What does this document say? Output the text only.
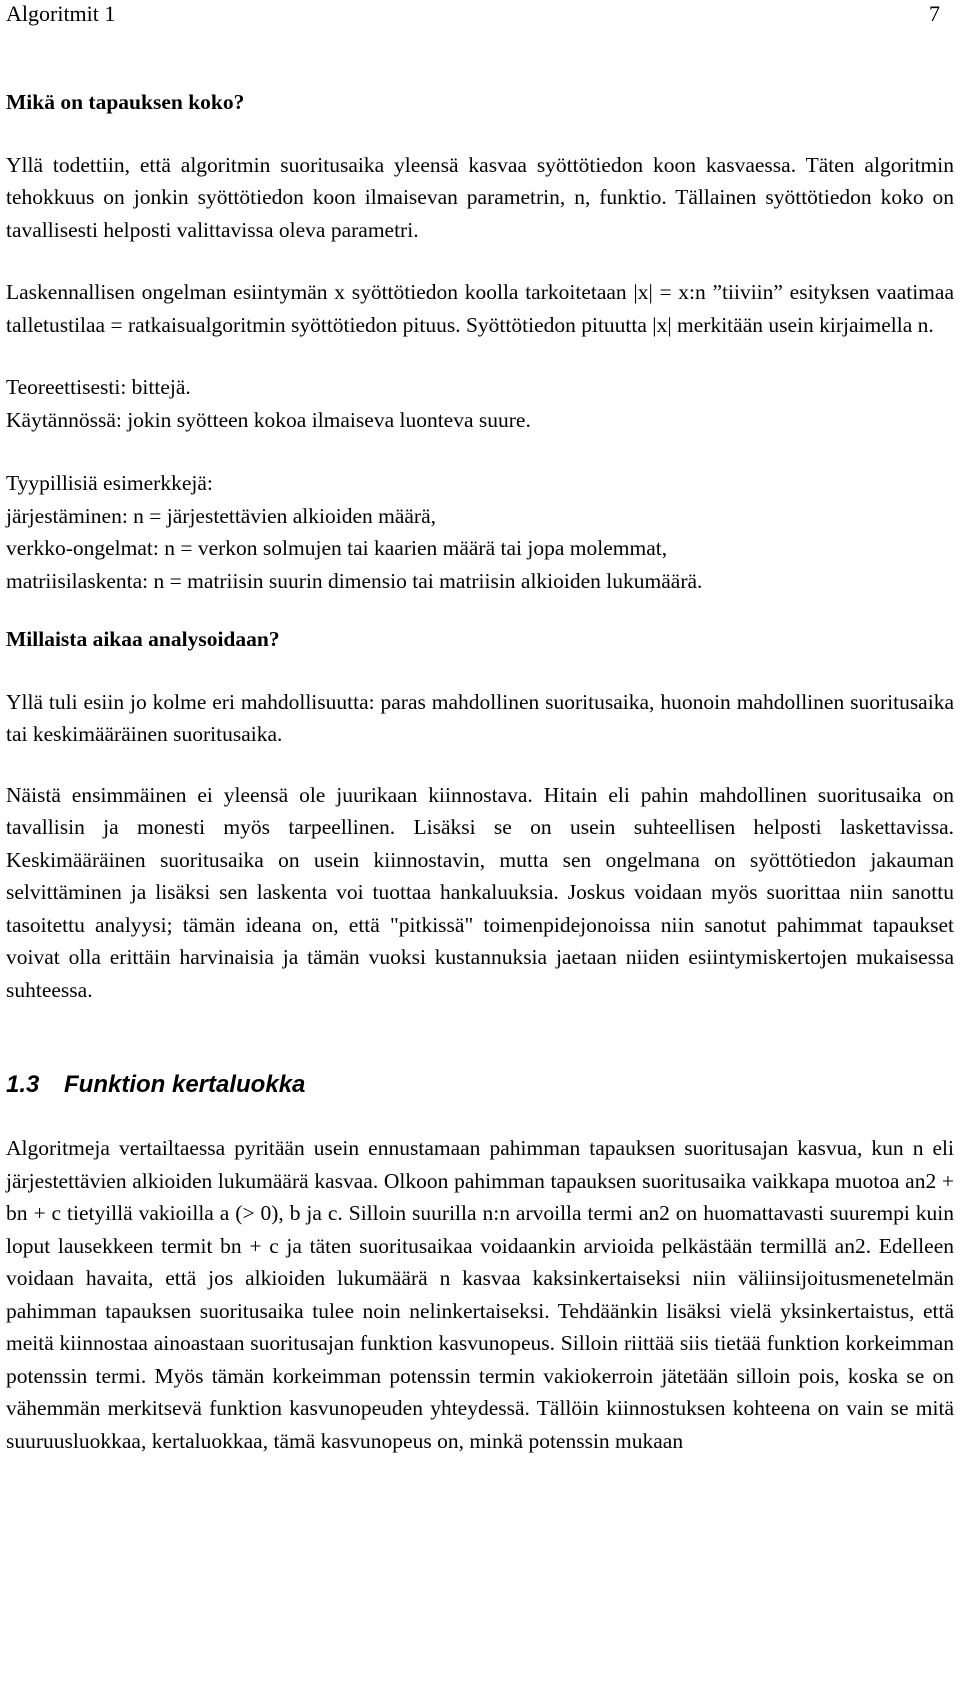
Algoritmit 1	7

Mikä on tapauksen koko?

Yllä todettiin, että algoritmin suoritusaika yleensä kasvaa syöttötiedon koon kasvaessa. Täten algoritmin tehokkuus on jonkin syöttötiedon koon ilmaisevan parametrin, n, funktio. Tällainen syöttötiedon koko on tavallisesti helposti valittavissa oleva parametri.

Laskennallisen ongelman esiintymän x syöttötiedon koolla tarkoitetaan |x| = x:n ”tiiviin” esityksen vaatimaa talletustilaa = ratkaisualgoritmin syöttötiedon pituus. Syöttötiedon pituutta |x| merkitään usein kirjaimella n.

Teoreettisesti: bittejä.

Käytännössä: jokin syötteen kokoa ilmaiseva luonteva suure.

Tyypillisiä esimerkkejä:

järjestäminen: n = järjestettävien alkioiden määrä,

verkko-ongelmat: n = verkon solmujen tai kaarien määrä tai jopa molemmat,

matriisilaskenta: n = matriisin suurin dimensio tai matriisin alkioiden lukumäärä.

Millaista aikaa analysoidaan?

Yllä tuli esiin jo kolme eri mahdollisuutta: paras mahdollinen suoritusaika, huonoin mahdollinen suoritusaika tai keskimääräinen suoritusaika.

Näistä ensimmäinen ei yleensä ole juurikaan kiinnostava. Hitain eli pahin mahdollinen suoritusaika on tavallisin ja monesti myös tarpeellinen. Lisäksi se on usein suhteellisen helposti laskettavissa. Keskimääräinen suoritusaika on usein kiinnostavin, mutta sen ongelmana on syöttötiedon jakauman selvittäminen ja lisäksi sen laskenta voi tuottaa hankaluuksia. Joskus voidaan myös suorittaa niin sanottu tasoitettu analyysi; tämän ideana on, että "pitkissä" toimenpidejonoissa niin sanotut pahimmat tapaukset voivat olla erittäin harvinaisia ja tämän vuoksi kustannuksia jaetaan niiden esiintymiskertojen mukaisessa suhteessa.

1.3 Funktion kertaluokka

Algoritmeja vertailtaessa pyritään usein ennustamaan pahimman tapauksen suoritusajan kasvua, kun n eli järjestettävien alkioiden lukumäärä kasvaa. Olkoon pahimman tapauksen suoritusaika vaikkapa muotoa an2 + bn + c tietyillä vakioilla a (> 0), b ja c. Silloin suurilla n:n arvoilla termi an2 on huomattavasti suurempi kuin loput lausekkeen termit bn + c ja täten suoritusaikaa voidaankin arvioida pelkästään termillä an2. Edelleen voidaan havaita, että jos alkioiden lukumäärä n kasvaa kaksinkertaiseksi niin väliinsijoitusmenetelmän pahimman tapauksen suoritusaika tulee noin nelinkertaiseksi. Tehdäänkin lisäksi vielä yksinkertaistus, että meitä kiinnostaa ainoastaan suoritusajan funktion kasvunopeus. Silloin riittää siis tietää funktion korkeimman potenssin termi. Myös tämän korkeimman potenssin termin vakiokerroin jätetään silloin pois, koska se on vähemmän merkitsevä funktion kasvunopeuden yhteydessä. Tällöin kiinnostuksen kohteena on vain se mitä suuruusluokkaa, kertaluokkaa, tämä kasvunopeus on, minkä potenssin mukaan
